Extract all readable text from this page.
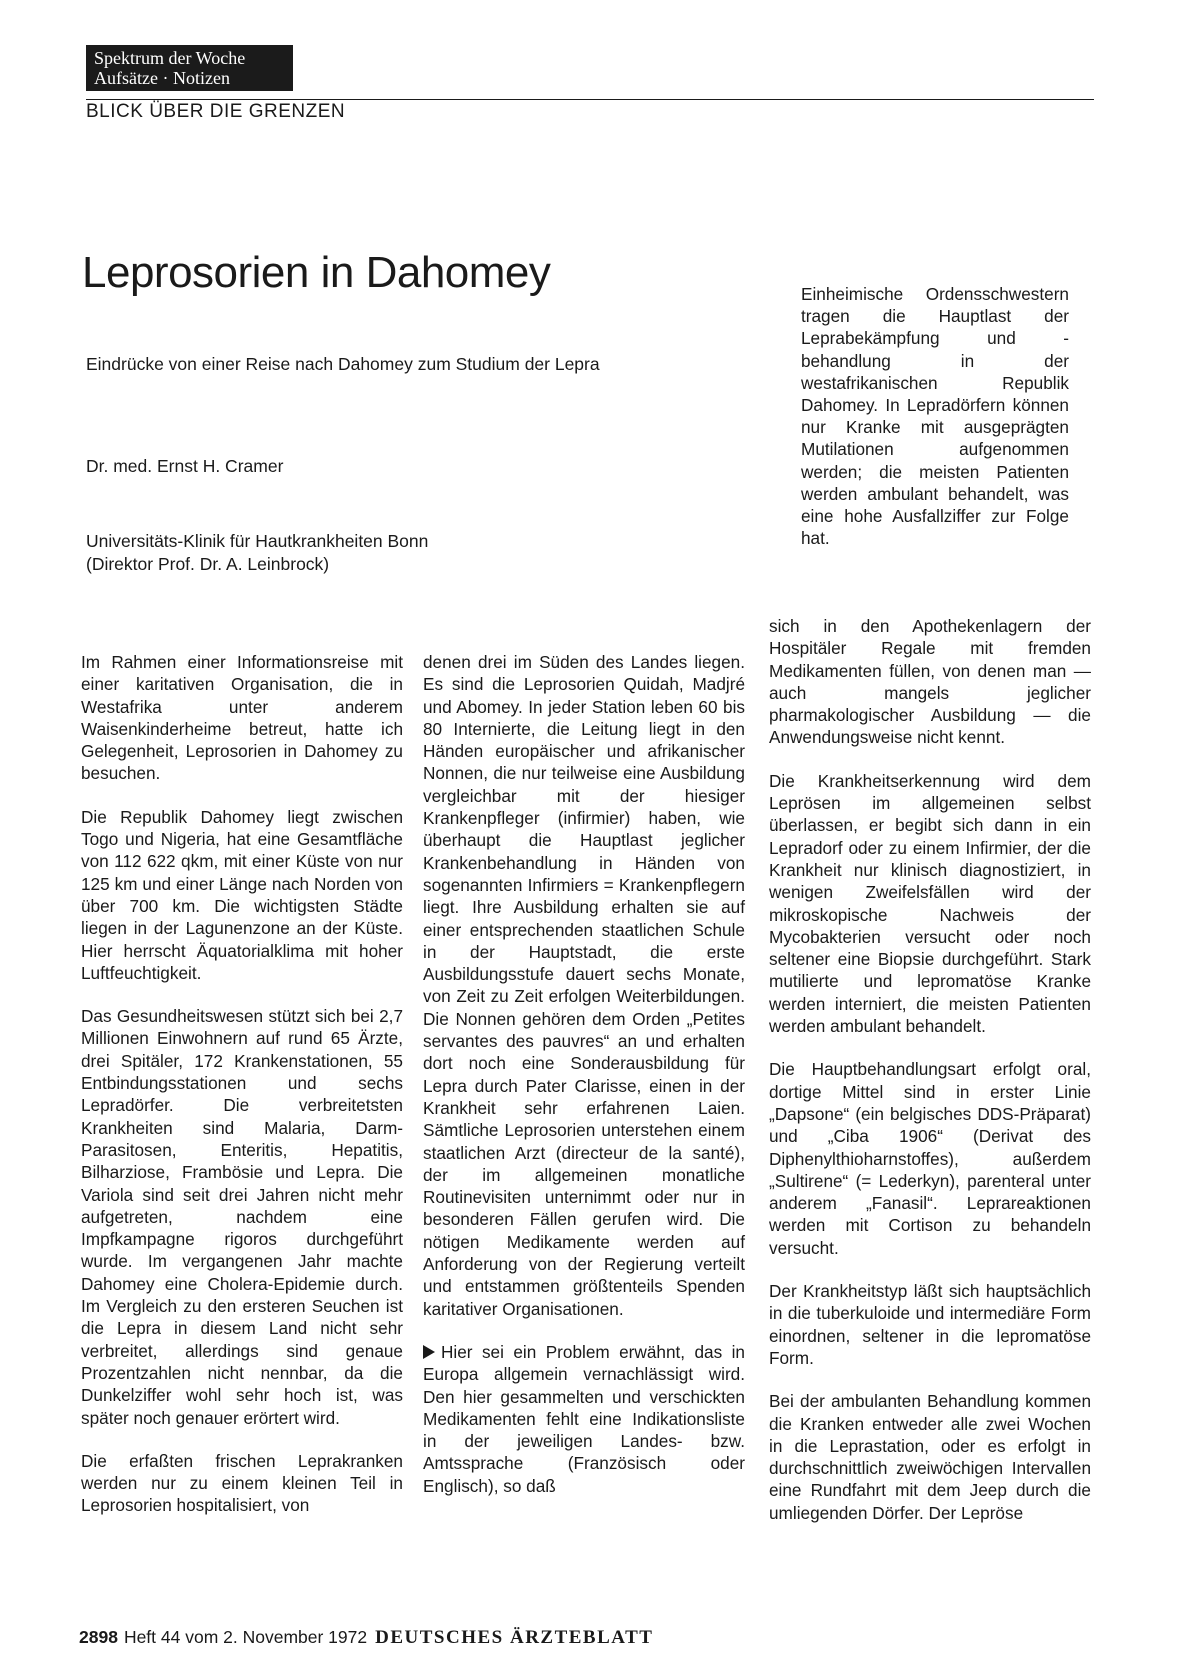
Spektrum der Woche
Aufsätze · Notizen
BLICK ÜBER DIE GRENZEN
Leprosorien in Dahomey
Eindrücke von einer Reise nach Dahomey zum Studium der Lepra
Dr. med. Ernst H. Cramer
Universitäts-Klinik für Hautkrankheiten Bonn
(Direktor Prof. Dr. A. Leinbrock)
Einheimische Ordensschwestern tragen die Hauptlast der Leprabekämpfung und -behandlung in der westafrikanischen Republik Dahomey. In Lepradörfern können nur Kranke mit ausgeprägten Mutilationen aufgenommen werden; die meisten Patienten werden ambulant behandelt, was eine hohe Ausfallziffer zur Folge hat.

Im Rahmen einer Informationsreise mit einer karitativen Organisation, die in Westafrika unter anderem Waisenkinderheime betreut, hatte ich Gelegenheit, Leprosorien in Dahomey zu besuchen.

Die Republik Dahomey liegt zwischen Togo und Nigeria, hat eine Gesamtfläche von 112 622 qkm, mit einer Küste von nur 125 km und einer Länge nach Norden von über 700 km. Die wichtigsten Städte liegen in der Lagunenzone an der Küste. Hier herrscht Äquatorialklima mit hoher Luftfeuchtigkeit.

Das Gesundheitswesen stützt sich bei 2,7 Millionen Einwohnern auf rund 65 Ärzte, drei Spitäler, 172 Krankenstationen, 55 Entbindungsstationen und sechs Lepradörfer. Die verbreitetsten Krankheiten sind Malaria, Darm-Parasitosen, Enteritis, Hepatitis, Bilharziose, Frambösie und Lepra. Die Variola sind seit drei Jahren nicht mehr aufgetreten, nachdem eine Impfkampagne rigoros durchgeführt wurde. Im vergangenen Jahr machte Dahomey eine Cholera-Epidemie durch. Im Vergleich zu den ersteren Seuchen ist die Lepra in diesem Land nicht sehr verbreitet, allerdings sind genaue Prozentzahlen nicht nennbar, da die Dunkelziffer wohl sehr hoch ist, was später noch genauer erörtert wird.

Die erfaßten frischen Leprakranken werden nur zu einem kleinen Teil in Leprosorien hospitalisiert, von

denen drei im Süden des Landes liegen. Es sind die Leprosorien Quidah, Madjré und Abomey. In jeder Station leben 60 bis 80 Internierte, die Leitung liegt in den Händen europäischer und afrikanischer Nonnen, die nur teilweise eine Ausbildung vergleichbar mit der hiesiger Krankenpfleger (infirmier) haben, wie überhaupt die Hauptlast jeglicher Krankenbehandlung in Händen von sogenannten Infirmiers = Krankenpflegern liegt. Ihre Ausbildung erhalten sie auf einer entsprechenden staatlichen Schule in der Hauptstadt, die erste Ausbildungsstufe dauert sechs Monate, von Zeit zu Zeit erfolgen Weiterbildungen. Die Nonnen gehören dem Orden „Petites servantes des pauvres“ an und erhalten dort noch eine Sonderausbildung für Lepra durch Pater Clarisse, einen in der Krankheit sehr erfahrenen Laien. Sämtliche Leprosorien unterstehen einem staatlichen Arzt (directeur de la santé), der im allgemeinen monatliche Routinevisiten unternimmt oder nur in besonderen Fällen gerufen wird. Die nötigen Medikamente werden auf Anforderung von der Regierung verteilt und entstammen größtenteils Spenden karitativer Organisationen.

Hier sei ein Problem erwähnt, das in Europa allgemein vernachlässigt wird. Den hier gesammelten und verschickten Medikamenten fehlt eine Indikationsliste in der jeweiligen Landes- bzw. Amtssprache (Französisch oder Englisch), so daß

sich in den Apothekenlagern der Hospitäler Regale mit fremden Medikamenten füllen, von denen man — auch mangels jeglicher pharmakologischer Ausbildung — die Anwendungsweise nicht kennt.

Die Krankheitserkennung wird dem Leprösen im allgemeinen selbst überlassen, er begibt sich dann in ein Lepradorf oder zu einem Infirmier, der die Krankheit nur klinisch diagnostiziert, in wenigen Zweifelsfällen wird der mikroskopische Nachweis der Mycobakterien versucht oder noch seltener eine Biopsie durchgeführt. Stark mutilierte und lepromatöse Kranke werden interniert, die meisten Patienten werden ambulant behandelt.

Die Hauptbehandlungsart erfolgt oral, dortige Mittel sind in erster Linie „Dapsone“ (ein belgisches DDS-Präparat) und „Ciba 1906“ (Derivat des Diphenylthioharnstoffes), außerdem „Sultirene“ (= Lederkyn), parenteral unter anderem „Fanasil“. Leprareaktionen werden mit Cortison zu behandeln versucht.

Der Krankheitstyp läßt sich hauptsächlich in die tuberkuloide und intermediäre Form einordnen, seltener in die lepromatöse Form.

Bei der ambulanten Behandlung kommen die Kranken entweder alle zwei Wochen in die Leprastation, oder es erfolgt in durchschnittlich zweiwöchigen Intervallen eine Rundfahrt mit dem Jeep durch die umliegenden Dörfer. Der Lepröse

2898 Heft 44 vom 2. November 1972 DEUTSCHES ÄRZTEBLATT
